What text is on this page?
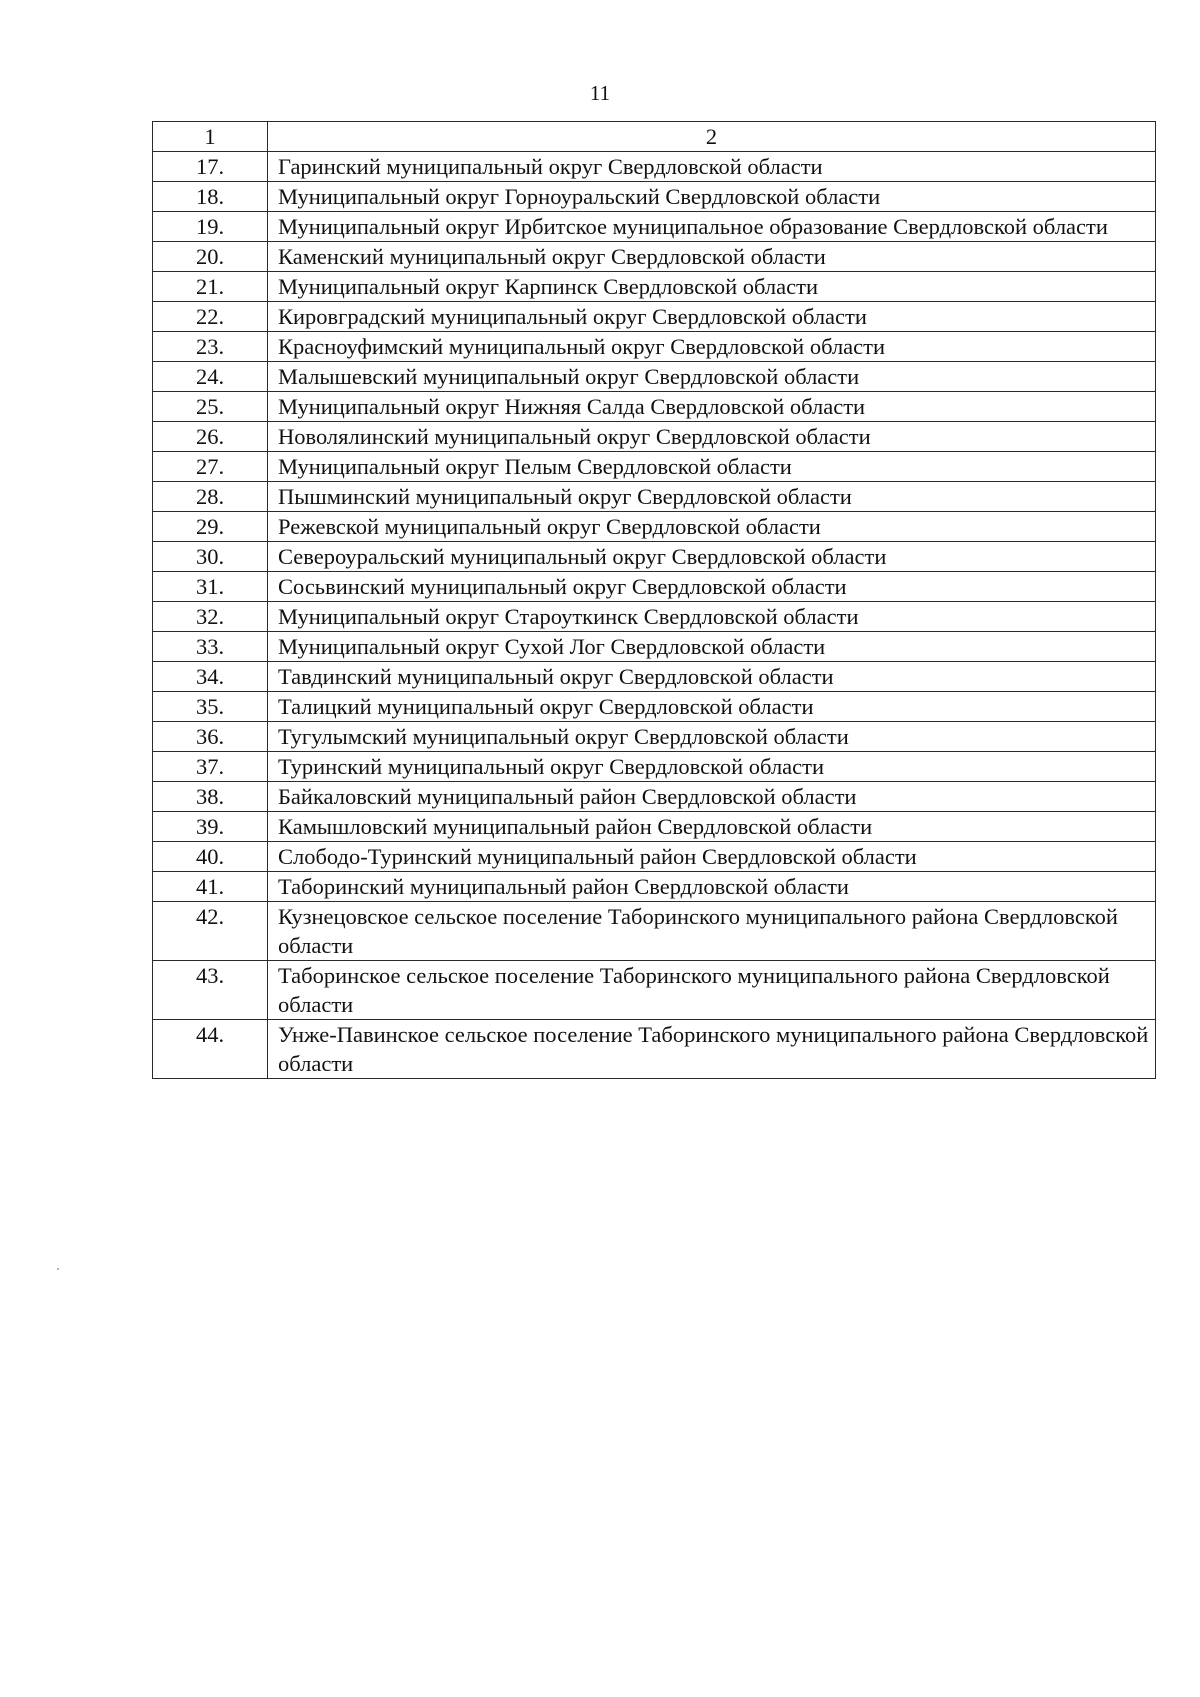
11
1	2
17.	Гаринский муниципальный округ Свердловской области
18.	Муниципальный округ Горноуральский Свердловской области
19.	Муниципальный округ Ирбитское муниципальное образование Свердловской области
20.	Каменский муниципальный округ Свердловской области
21.	Муниципальный округ Карпинск Свердловской области
22.	Кировградский муниципальный округ Свердловской области
23.	Красноуфимский муниципальный округ Свердловской области
24.	Малышевский муниципальный округ Свердловской области
25.	Муниципальный округ Нижняя Салда Свердловской области
26.	Новолялинский муниципальный округ Свердловской области
27.	Муниципальный округ Пелым Свердловской области
28.	Пышминский муниципальный округ Свердловской области
29.	Режевской муниципальный округ Свердловской области
30.	Североуральский муниципальный округ Свердловской области
31.	Сосьвинский муниципальный округ Свердловской области
32.	Муниципальный округ Староуткинск Свердловской области
33.	Муниципальный округ Сухой Лог Свердловской области
34.	Тавдинский муниципальный округ Свердловской области
35.	Талицкий муниципальный округ Свердловской области
36.	Тугулымский муниципальный округ Свердловской области
37.	Туринский муниципальный округ Свердловской области
38.	Байкаловский муниципальный район Свердловской области
39.	Камышловский муниципальный район Свердловской области
40.	Слободо-Туринский муниципальный район Свердловской области
41.	Таборинский муниципальный район Свердловской области
42.	Кузнецовское сельское поселение Таборинского муниципального района Свердловской области
43.	Таборинское сельское поселение Таборинского муниципального района Свердловской области
44.	Унже-Павинское сельское поселение Таборинского муниципального района Свердловской области
